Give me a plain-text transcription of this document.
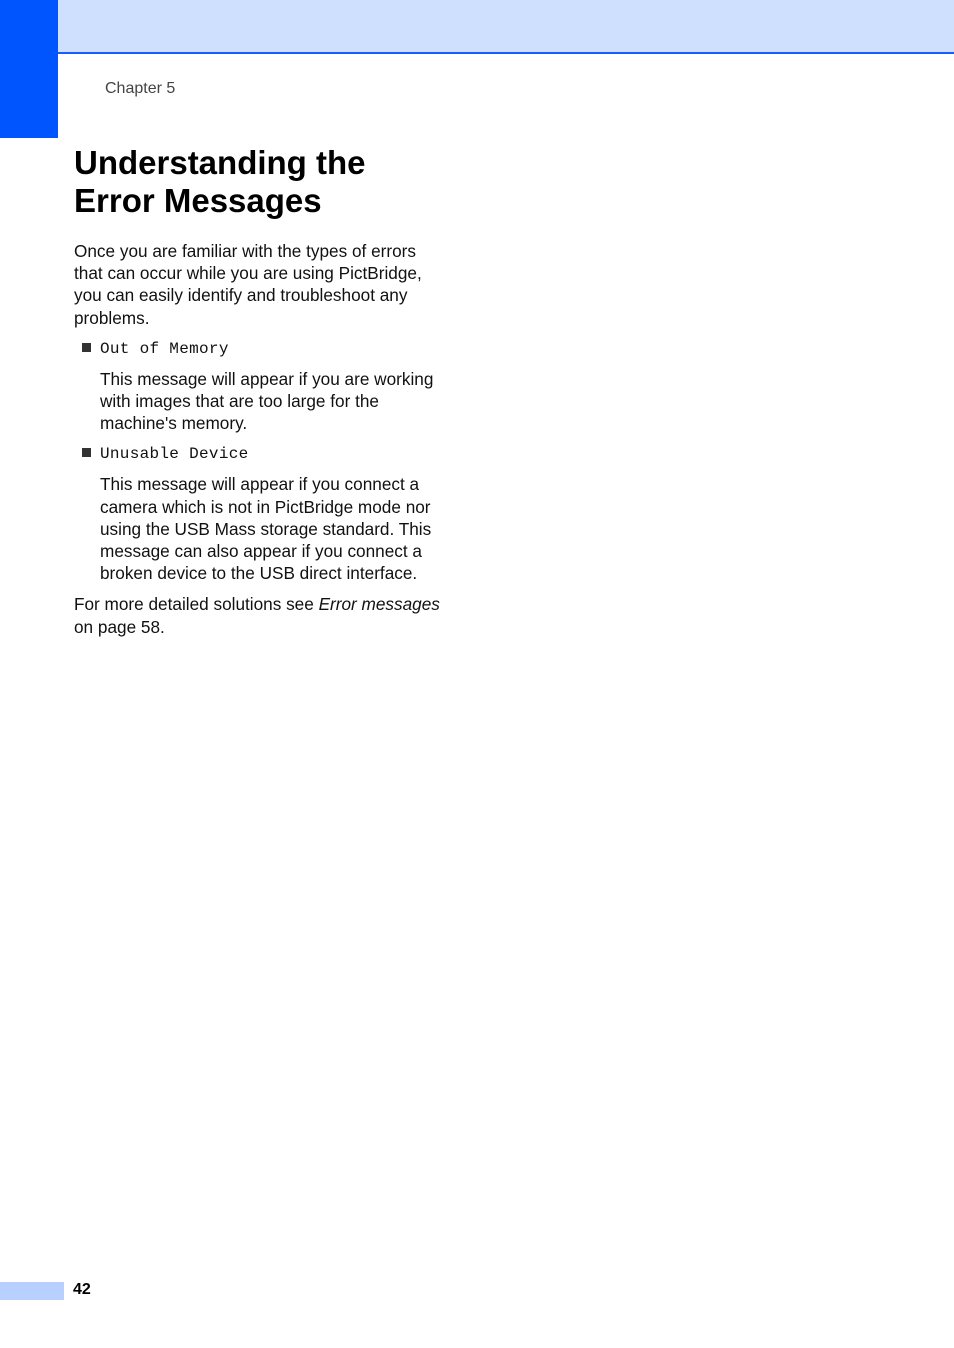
Chapter 5
Understanding the
Error Messages

Once you are familiar with the types of errors that can occur while you are using PictBridge, you can easily identify and troubleshoot any problems.

Out of Memory

This message will appear if you are working with images that are too large for the machine's memory.

Unusable Device

This message will appear if you connect a camera which is not in PictBridge mode nor using the USB Mass storage standard. This message can also appear if you connect a broken device to the USB direct interface.

For more detailed solutions see Error messages on page 58.

42
